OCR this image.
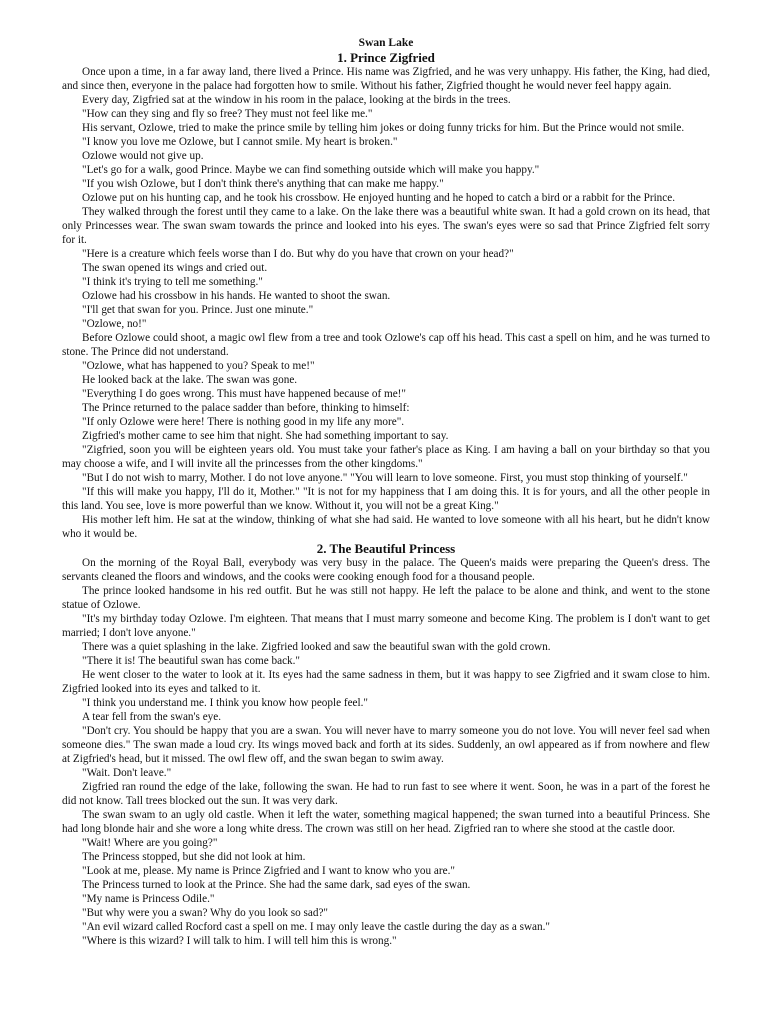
Swan Lake
1. Prince Zigfried

Once upon a time, in a far away land, there lived a Prince. His name was Zigfried, and he was very unhappy. His father, the King, had died, and since then, everyone in the palace had forgotten how to smile. Without his father, Zigfried thought he would never feel happy again.

Every day, Zigfried sat at the window in his room in the palace, looking at the birds in the trees.

"How can they sing and fly so free? They must not feel like me."

His servant, Ozlowe, tried to make the prince smile by telling him jokes or doing funny tricks for him. But the Prince would not smile.

"I know you love me Ozlowe, but I cannot smile. My heart is broken."

Ozlowe would not give up.

"Let's go for a walk, good Prince. Maybe we can find something outside which will make you happy."

"If you wish Ozlowe, but I don't think there's anything that can make me happy."

Ozlowe put on his hunting cap, and he took his crossbow. He enjoyed hunting and he hoped to catch a bird or a rabbit for the Prince.

They walked through the forest until they came to a lake. On the lake there was a beautiful white swan. It had a gold crown on its head, that only Princesses wear. The swan swam towards the prince and looked into his eyes. The swan's eyes were so sad that Prince Zigfried felt sorry for it.

"Here is a creature which feels worse than I do. But why do you have that crown on your head?"

The swan opened its wings and cried out.

"I think it's trying to tell me something."

Ozlowe had his crossbow in his hands. He wanted to shoot the swan.

"I'll get that swan for you. Prince. Just one minute."

"Ozlowe, no!"

Before Ozlowe could shoot, a magic owl flew from a tree and took Ozlowe's cap off his head. This cast a spell on him, and he was turned to stone. The Prince did not understand.

"Ozlowe, what has happened to you? Speak to me!"

He looked back at the lake. The swan was gone.

"Everything I do goes wrong. This must have happened because of me!"

The Prince returned to the palace sadder than before, thinking to himself:

"If only Ozlowe were here! There is nothing good in my life any more".

Zigfried's mother came to see him that night. She had something important to say.

"Zigfried, soon you will be eighteen years old. You must take your father's place as King. I am having a ball on your birthday so that you may choose a wife, and I will invite all the princesses from the other kingdoms."

"But I do not wish to marry, Mother. I do not love anyone." "You will learn to love someone. First, you must stop thinking of yourself."

"If this will make you happy, I'll do it, Mother." "It is not for my happiness that I am doing this. It is for yours, and all the other people in this land. You see, love is more powerful than we know. Without it, you will not be a great King."

His mother left him. He sat at the window, thinking of what she had said. He wanted to love someone with all his heart, but he didn't know who it would be.

2. The Beautiful Princess

On the morning of the Royal Ball, everybody was very busy in the palace. The Queen's maids were preparing the Queen's dress. The servants cleaned the floors and windows, and the cooks were cooking enough food for a thousand people.

The prince looked handsome in his red outfit. But he was still not happy. He left the palace to be alone and think, and went to the stone statue of Ozlowe.

"It's my birthday today Ozlowe. I'm eighteen. That means that I must marry someone and become King. The problem is I don't want to get married; I don't love anyone."

There was a quiet splashing in the lake. Zigfried looked and saw the beautiful swan with the gold crown.

"There it is! The beautiful swan has come back."

He went closer to the water to look at it. Its eyes had the same sadness in them, but it was happy to see Zigfried and it swam close to him. Zigfried looked into its eyes and talked to it.

"I think you understand me. I think you know how people feel."

A tear fell from the swan's eye.

"Don't cry. You should be happy that you are a swan. You will never have to marry someone you do not love. You will never feel sad when someone dies." The swan made a loud cry. Its wings moved back and forth at its sides. Suddenly, an owl appeared as if from nowhere and flew at Zigfried's head, but it missed. The owl flew off, and the swan began to swim away.

"Wait. Don't leave."

Zigfried ran round the edge of the lake, following the swan. He had to run fast to see where it went. Soon, he was in a part of the forest he did not know. Tall trees blocked out the sun. It was very dark.

The swan swam to an ugly old castle. When it left the water, something magical happened; the swan turned into a beautiful Princess. She had long blonde hair and she wore a long white dress. The crown was still on her head. Zigfried ran to where she stood at the castle door.

"Wait! Where are you going?"

The Princess stopped, but she did not look at him.

"Look at me, please. My name is Prince Zigfried and I want to know who you are."

The Princess turned to look at the Prince. She had the same dark, sad eyes of the swan.

"My name is Princess Odile."

"But why were you a swan? Why do you look so sad?"

"An evil wizard called Rocford cast a spell on me. I may only leave the castle during the day as a swan."

"Where is this wizard? I will talk to him. I will tell him this is wrong."
